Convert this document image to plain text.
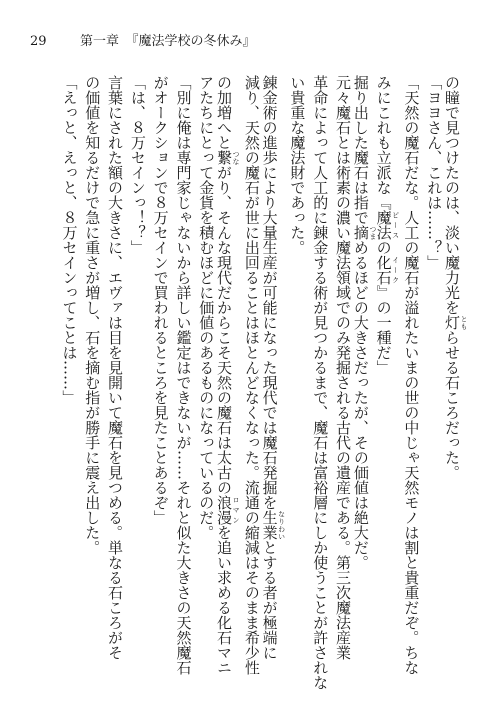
29	第一章　『魔法学校の冬休み』
の瞳で見つけたのは、淡い魔力光を灯 ともらせる石ころだった。
「ヨヨさん、これは……？」
「天然の魔石だな。人工の魔石が溢れたいまの世の中じゃ天然モノは割と貴重だぞ。ちな
みにこれも立派な『魔法 ピースの化石 イーク』の一種だ」
掘り出した魔石は指で摘 つまめるほどの大きさだったが、その価値は絶大だ。
元々魔石とは術素の濃い魔法領域でのみ発掘される古代の遺産である。第三次魔法産業
革命によって人工的に錬金する術が見つかるまで、魔石は富裕層にしか使うことが許されな
い貴重な魔法財であった。
錬金術の進歩により大量生産が可能になった現代では魔石発掘を生業 なりわいとする者が極端に
減り、天然の魔石が世に出回ることはほとんどなくなった。流通の縮減はそのまま希少性
の加増へと繋 つながり、そんな現代だからこそ天然の魔石は太古の浪漫 ロマンを追い求める化石マニ
アたちにとって金貨を積むほどに価値のあるものになっているのだ。
「別に俺は専門家じゃないから詳しい鑑定はできないが……それと似た大きさの天然魔石
がオークションで８万セインで買われるところを見たことあるぞ」
「は、８万セインっ！？」
言葉にされた額の大きさに、エヴァは目を見開いて魔石を見つめる。単なる石ころがそ
の価値を知るだけで急に重さが増し、石を摘む指が勝手に震え出した。
「えっと、えっと、８万セインってことは……」
